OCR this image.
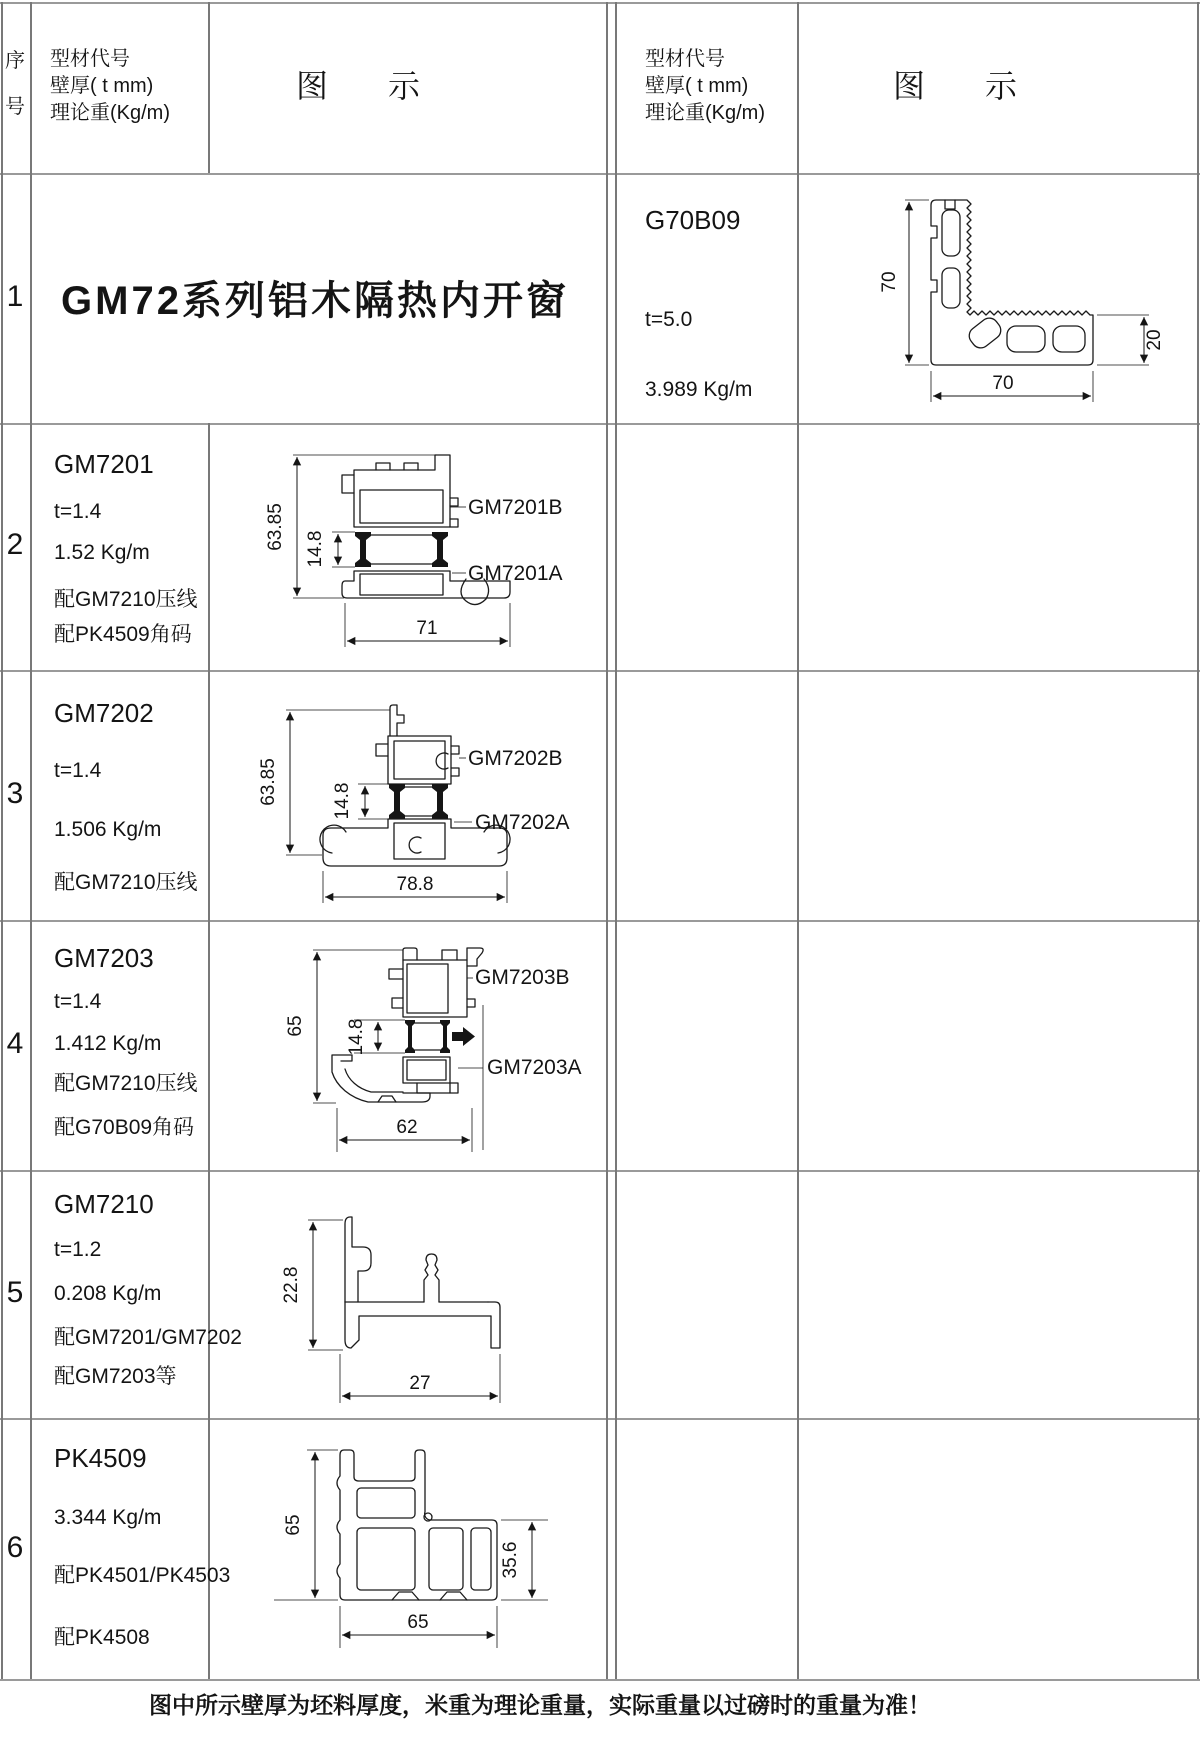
序
号
型材代号
壁厚( t mm)
理论重(Kg/m)
图　示
型材代号
壁厚( t mm)
理论重(Kg/m)
图　示
1 GM72系列铝木隔热内开窗
G70B09
t=5.0
3.989 Kg/m
70
70
20
2
GM7201
t=1.4
1.52 Kg/m
配GM7210压线
配PK4509角码
63.85 14.8
71
GM7201B
GM7201A
3
GM7202
t=1.4
1.506 Kg/m
配GM7210压线
63.85	14.8
78.8
GM7202B
GM7202A
4
GM7203
t=1.4
1.412 Kg/m
配GM7210压线
配G70B09角码
65 14.8
62
GM7203B
GM7203A
5
GM7210
t=1.2
0.208 Kg/m
配GM7201/GM7202
配GM7203等
22.8
27
6
PK4509
3.344 Kg/m
配PK4501/PK4503
配PK4508
65
35.6
65
图中所示壁厚为坯料厚度，米重为理论重量，实际重量以过磅时的重量为准！
